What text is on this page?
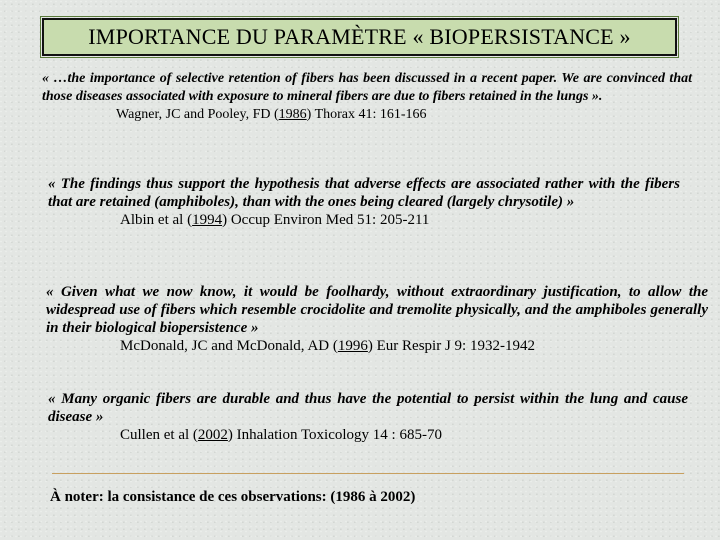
IMPORTANCE DU PARAMÈTRE « BIOPERSISTANCE »
« …the importance of selective retention of fibers has been discussed in a recent paper. We are convinced that those diseases associated with exposure to mineral fibers are due to fibers retained in the lungs ».
Wagner, JC and Pooley, FD (1986) Thorax 41: 161-166
« The findings thus support the hypothesis that adverse effects are associated rather with the fibers that are retained (amphiboles), than with the ones being cleared (largely chrysotile) »
Albin et al (1994) Occup Environ Med 51: 205-211
« Given what we now know, it would be foolhardy, without extraordinary justification, to allow the widespread use of fibers which resemble crocidolite and tremolite physically, and the amphiboles generally in their biological biopersistence »
McDonald, JC and McDonald, AD (1996) Eur Respir J 9: 1932-1942
« Many organic fibers are durable and thus have the potential to persist within the lung and cause disease »
Cullen et al (2002) Inhalation Toxicology 14 : 685-70
À noter: la consistance de ces observations: (1986 à 2002)
